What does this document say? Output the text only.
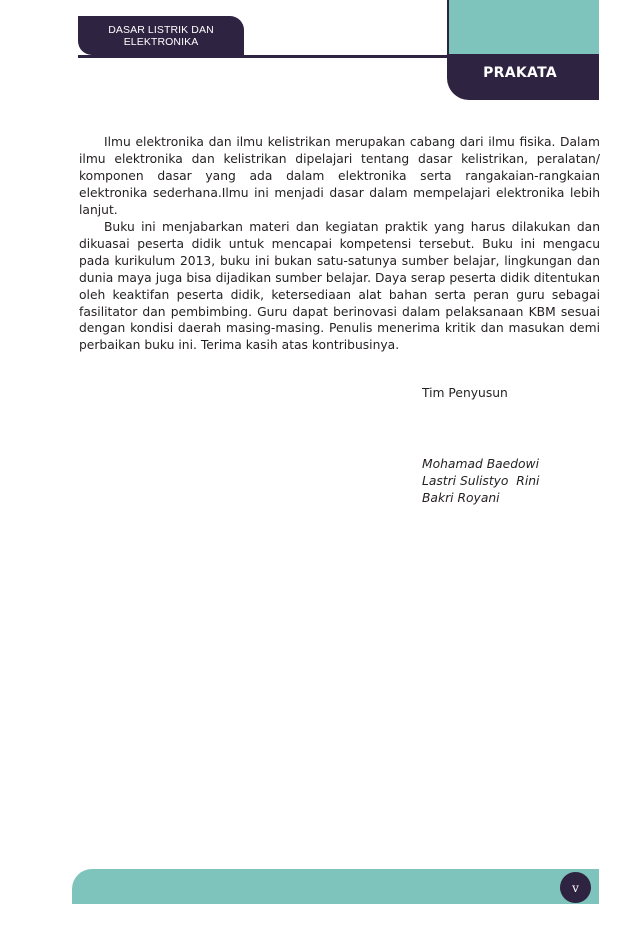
DASAR LISTRIK DAN ELEKTRONIKA
PRAKATA

Ilmu elektronika dan ilmu kelistrikan merupakan cabang dari ilmu fisika. Dalam ilmu elektronika dan kelistrikan dipelajari tentang dasar kelistrikan, peralatan/ komponen dasar yang ada dalam elektronika serta rangakaian-rangkaian elektronika sederhana.Ilmu ini menjadi dasar dalam mempelajari elektronika lebih lanjut.

Buku ini menjabarkan materi dan kegiatan praktik yang harus dilakukan dan dikuasai peserta didik untuk mencapai kompetensi tersebut. Buku ini mengacu pada kurikulum 2013, buku ini bukan satu-satunya sumber belajar, lingkungan dan dunia maya juga bisa dijadikan sumber belajar. Daya serap peserta didik ditentukan oleh keaktifan peserta didik, ketersediaan alat bahan serta peran guru sebagai fasilitator dan pembimbing. Guru dapat berinovasi dalam pelaksanaan KBM sesuai dengan kondisi daerah masing-masing. Penulis menerima kritik dan masukan demi perbaikan buku ini. Terima kasih atas kontribusinya.

Tim Penyusun
Mohamad Baedowi
Lastri Sulistyo  Rini
Bakri Royani
v
